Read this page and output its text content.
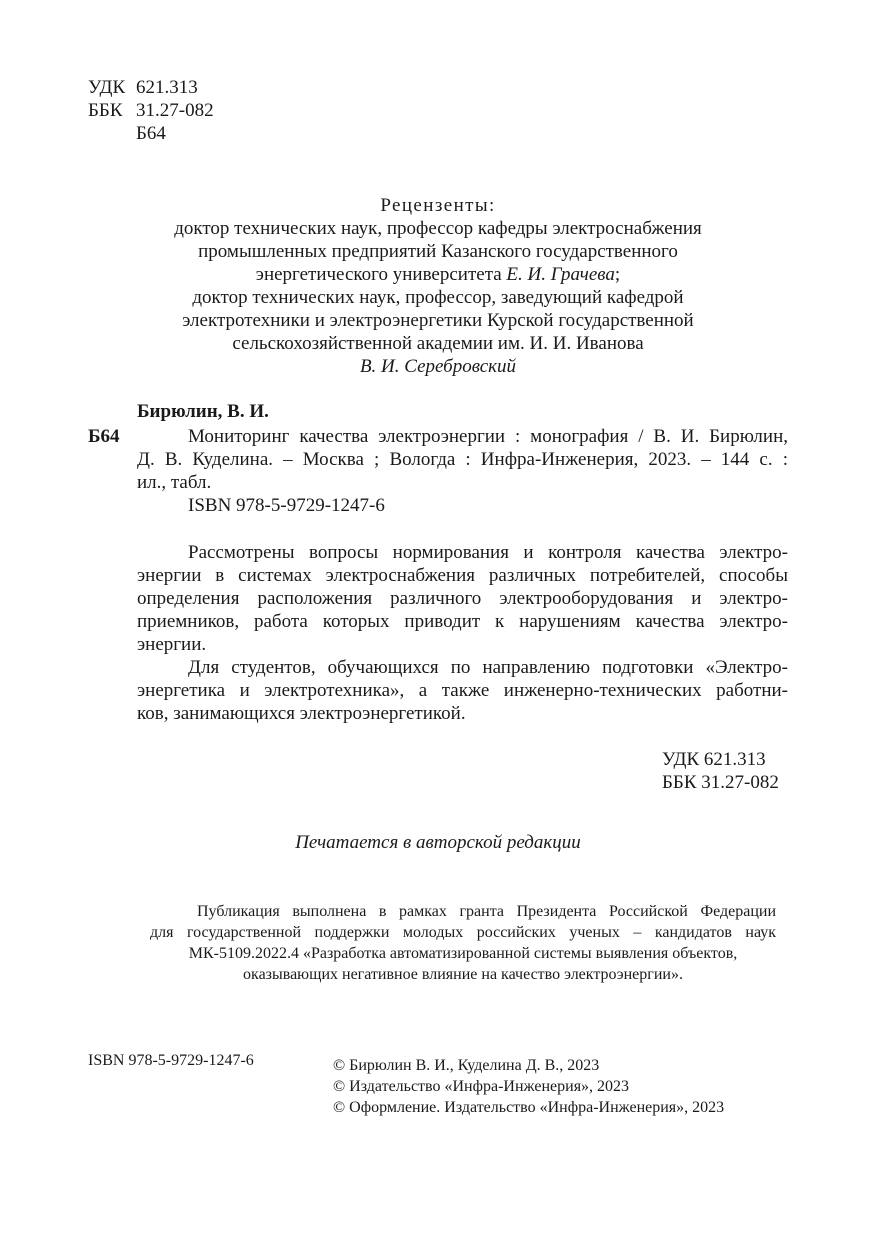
УДК 621.313
ББК 31.27-082
Б64
Рецензенты:
доктор технических наук, профессор кафедры электроснабжения
промышленных предприятий Казанского государственного
энергетического университета Е. И. Грачева;
доктор технических наук, профессор, заведующий кафедрой
электротехники и электроэнергетики Курской государственной
сельскохозяйственной академии им. И. И. Иванова
В. И. Серебровский
Бирюлин, В. И.
Б64	Мониторинг качества электроэнергии : монография / В. И. Бирюлин,
Д. В. Куделина. – Москва ; Вологда : Инфра-Инженерия, 2023. – 144 с. :
ил., табл.
ISBN 978-5-9729-1247-6
Рассмотрены вопросы нормирования и контроля качества электро-
энергии в системах электроснабжения различных потребителей, способы
определения расположения различного электрооборудования и электро-
приемников, работа которых приводит к нарушениям качества электро-
энергии.
Для студентов, обучающихся по направлению подготовки «Электро-
энергетика и электротехника», а также инженерно-технических работни-
ков, занимающихся электроэнергетикой.
УДК 621.313
ББК 31.27-082
Печатается в авторской редакции
Публикация выполнена в рамках гранта Президента Российской Федерации
для государственной поддержки молодых российских ученых – кандидатов наук
МК-5109.2022.4 «Разработка автоматизированной системы выявления объектов,
оказывающих негативное влияние на качество электроэнергии».
ISBN 978-5-9729-1247-6	© Бирюлин В. И., Куделина Д. В., 2023
© Издательство «Инфра-Инженерия», 2023
© Оформление. Издательство «Инфра-Инженерия», 2023
